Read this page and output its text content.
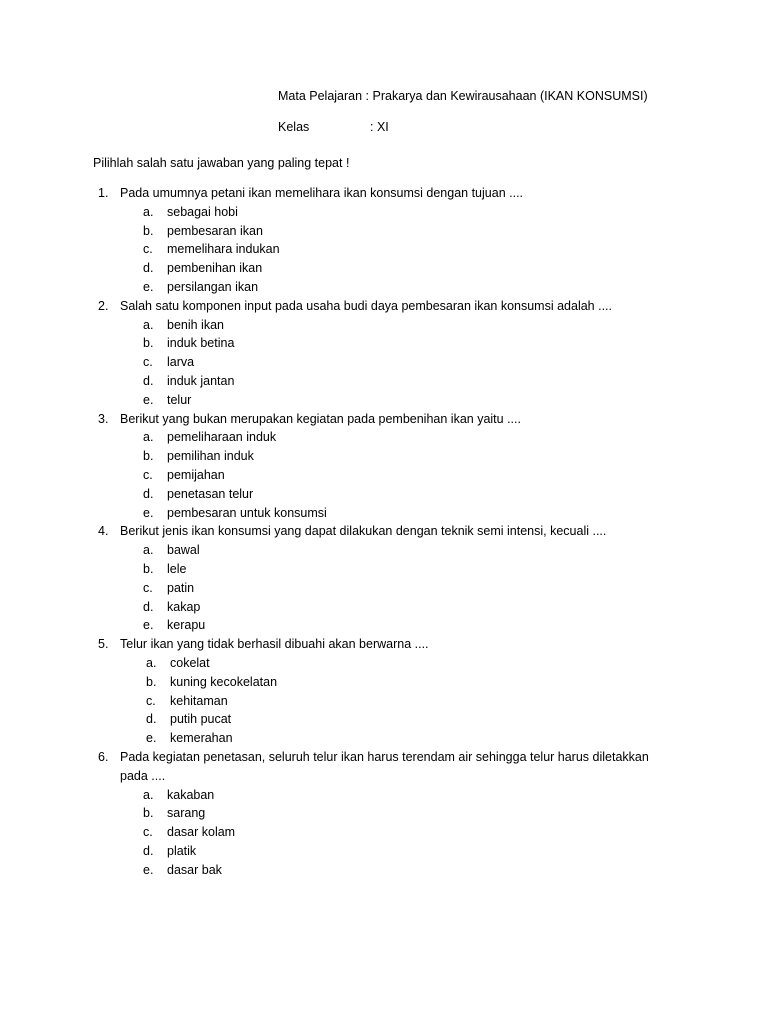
Mata Pelajaran : Prakarya dan Kewirausahaan (IKAN KONSUMSI)
Kelas	: XI
Pilihlah salah satu jawaban yang paling tepat !
1. Pada umumnya petani ikan memelihara ikan konsumsi dengan tujuan ....
a. sebagai hobi
b. pembesaran ikan
c. memelihara indukan
d. pembenihan ikan
e. persilangan ikan
2. Salah satu komponen input pada usaha budi daya pembesaran ikan konsumsi adalah ....
a. benih ikan
b. induk betina
c. larva
d. induk jantan
e. telur
3. Berikut yang bukan merupakan kegiatan pada pembenihan ikan yaitu ....
a. pemeliharaan induk
b. pemilihan induk
c. pemijahan
d. penetasan telur
e. pembesaran untuk konsumsi
4. Berikut jenis ikan konsumsi yang dapat dilakukan dengan teknik semi intensi, kecuali ....
a. bawal
b. lele
c. patin
d. kakap
e. kerapu
5. Telur ikan yang tidak berhasil dibuahi akan berwarna ....
a. cokelat
b. kuning kecokelatan
c. kehitaman
d. putih pucat
e. kemerahan
6. Pada kegiatan penetasan, seluruh telur ikan harus terendam air sehingga telur harus diletakkan pada ....
a. kakaban
b. sarang
c. dasar kolam
d. platik
e. dasar bak
